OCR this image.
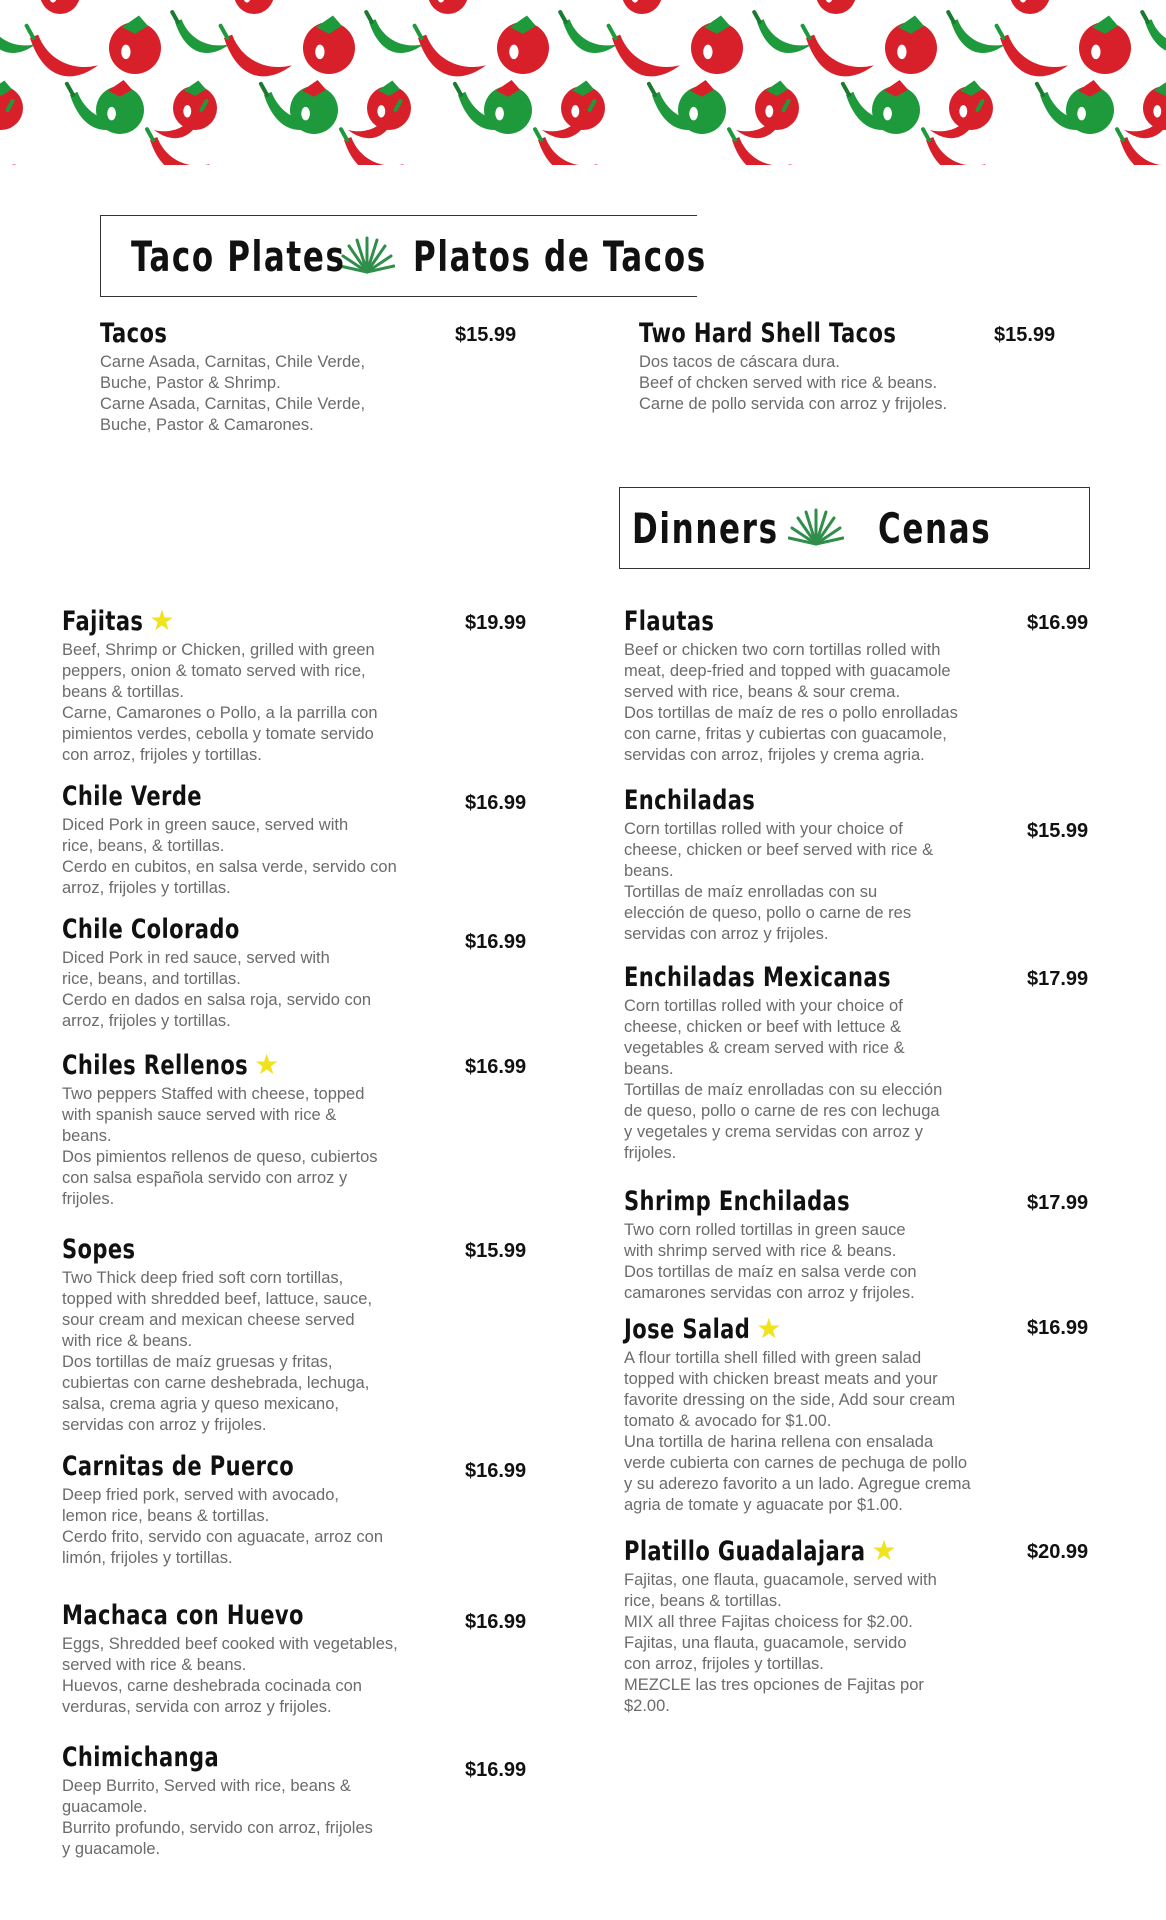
Taco Plates Platos de Tacos
Dinners Cenas
Tacos
Carne Asada, Carnitas, Chile Verde,
Buche, Pastor & Shrimp.
Carne Asada, Carnitas, Chile Verde,
Buche, Pastor & Camarones.
$15.99	Two Hard Shell Tacos
Dos tacos de cáscara dura.
Beef of chcken served with rice & beans.
Carne de pollo servida con arroz y frijoles.
$15.99
Fajitas ★
Beef, Shrimp or Chicken, grilled with green
peppers, onion & tomato served with rice,
beans & tortillas.
Carne, Camarones o Pollo, a la parrilla con
pimientos verdes, cebolla y tomate servido
con arroz, frijoles y tortillas.
$19.99
Chile Verde
Diced Pork in green sauce, served with
rice, beans, & tortillas.
Cerdo en cubitos, en salsa verde, servido con
arroz, frijoles y tortillas.
$16.99
Chile Colorado
Diced Pork in red sauce, served with
rice, beans, and tortillas.
Cerdo en dados en salsa roja, servido con
arroz, frijoles y tortillas.
$16.99
Chiles Rellenos ★
Two peppers Staffed with cheese, topped
with spanish sauce served with rice &
beans.
Dos pimientos rellenos de queso, cubiertos
con salsa española servido con arroz y
frijoles.
$16.99
Sopes
Two Thick deep fried soft corn tortillas,
topped with shredded beef, lattuce, sauce,
sour cream and mexican cheese served
with rice & beans.
Dos tortillas de maíz gruesas y fritas,
cubiertas con carne deshebrada, lechuga,
salsa, crema agria y queso mexicano,
servidas con arroz y frijoles.
$15.99
Carnitas de Puerco
Deep fried pork, served with avocado,
lemon rice, beans & tortillas.
Cerdo frito, servido con aguacate, arroz con
limón, frijoles y tortillas.
$16.99
Machaca con Huevo
Eggs, Shredded beef cooked with vegetables,
served with rice & beans.
Huevos, carne deshebrada cocinada con
verduras, servida con arroz y frijoles.
$16.99
Chimichanga
Deep Burrito, Served with rice, beans &
guacamole.
Burrito profundo, servido con arroz, frijoles
y guacamole.
$16.99
Flautas
Beef or chicken two corn tortillas rolled with
meat, deep-fried and topped with guacamole
served with rice, beans & sour crema.
Dos tortillas de maíz de res o pollo enrolladas
con carne, fritas y cubiertas con guacamole,
servidas con arroz, frijoles y crema agria.
$16.99
Enchiladas
Corn tortillas rolled with your choice of
cheese, chicken or beef served with rice &
beans.
Tortillas de maíz enrolladas con su
elección de queso, pollo o carne de res
servidas con arroz y frijoles.
$15.99
Enchiladas Mexicanas
Corn tortillas rolled with your choice of
cheese, chicken or beef with lettuce &
vegetables & cream served with rice &
beans.
Tortillas de maíz enrolladas con su elección
de queso, pollo o carne de res con lechuga
y vegetales y crema servidas con arroz y
frijoles.
$17.99
Shrimp Enchiladas
Two corn rolled tortillas in green sauce
with shrimp served with rice & beans.
Dos tortillas de maíz en salsa verde con
camarones servidas con arroz y frijoles.
$17.99
Jose Salad ★
A flour tortilla shell filled with green salad
topped with chicken breast meats and your
favorite dressing on the side, Add sour cream
tomato & avocado for $1.00.
Una tortilla de harina rellena con ensalada
verde cubierta con carnes de pechuga de pollo
y su aderezo favorito a un lado. Agregue crema
agria de tomate y aguacate por $1.00.
$16.99
Platillo Guadalajara ★
Fajitas, one flauta, guacamole, served with
rice, beans & tortillas.
MIX all three Fajitas choicess for $2.00.
Fajitas, una flauta, guacamole, servido
con arroz, frijoles y tortillas.
MEZCLE las tres opciones de Fajitas por
$2.00.
$20.99
